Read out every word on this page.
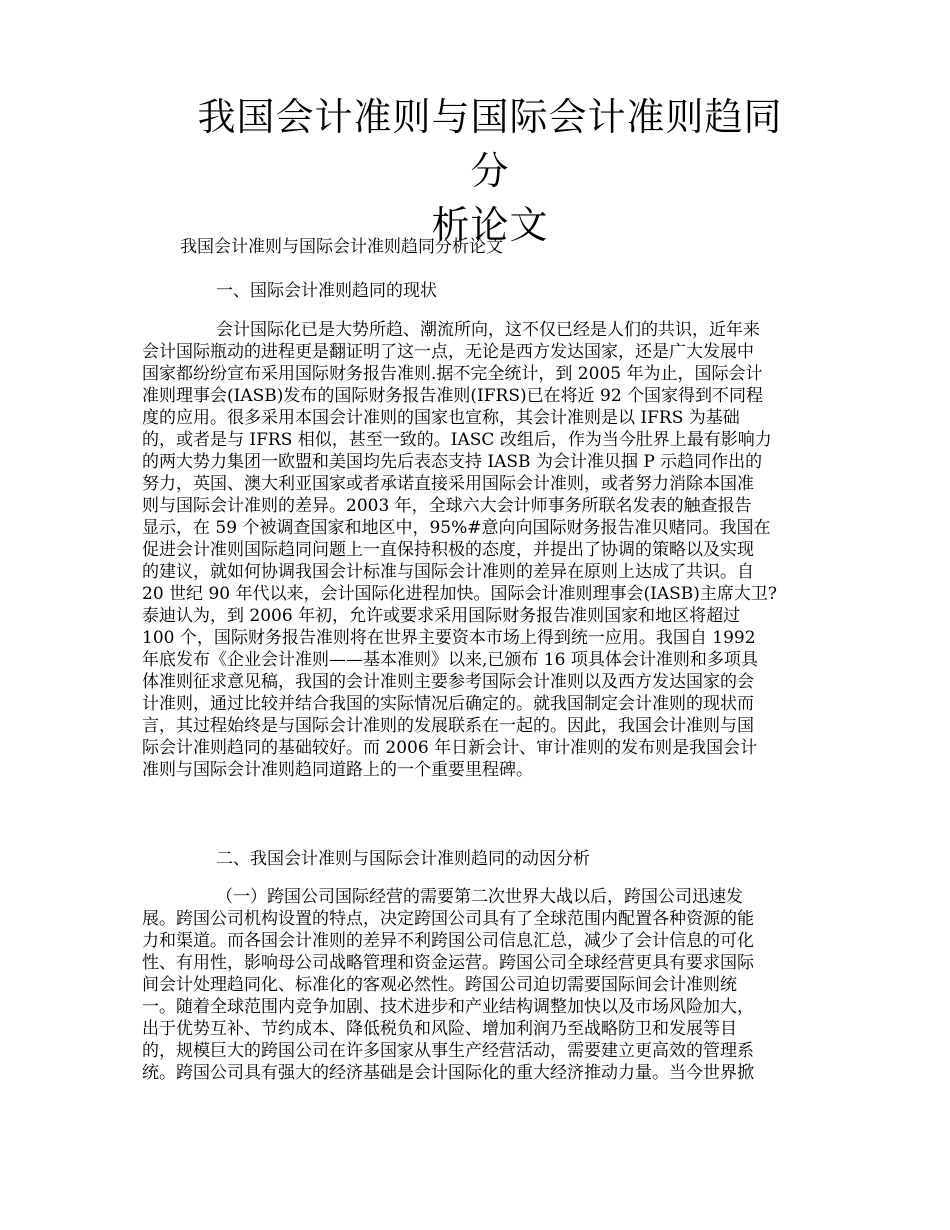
我国会计准则与国际会计准则趋同分
析论文
我国会计准则与国际会计准则趋同分析论文
一、国际会计准则趋同的现状
会计国际化已是大势所趋、潮流所向，这不仅已经是人们的共识，近年来
会计国际瓶动的进程更是翻证明了这一点，无论是西方发达国家，还是广大发展中
国家都纷纷宣布采用国际财务报告准则.据不完全统计，到 2005 年为止，国际会计
准则理事会(IASB)发布的国际财务报告准则(IFRS)已在将近 92 个国家得到不同程
度的应用。很多采用本国会计准则的国家也宣称，其会计准则是以 IFRS 为基础
的，或者是与 IFRS 相似，甚至一致的。IASC 改组后，作为当今肚界上最有影响力
的两大势力集团一欧盟和美国均先后表态支持 IASB 为会计准贝掴 P 示趋同作出的
努力，英国、澳大利亚国家或者承诺直接采用国际会计准则，或者努力消除本国准
则与国际会计准则的差异。2003 年，全球六大会计师事务所联名发表的触查报告
显示，在 59 个被调查国家和地区中，95%#意向向国际财务报告准贝赌同。我国在
促进会计准则国际趋同问题上一直保持积极的态度，并提出了协调的策略以及实现
的建议，就如何协调我国会计标准与国际会计准则的差异在原则上达成了共识。自
20 世纪 90 年代以来，会计国际化进程加快。国际会计准则理事会(IASB)主席大卫?
泰迪认为，到 2006 年初，允许或要求采用国际财务报告准则国家和地区将超过
100 个，国际财务报告准则将在世界主要资本市场上得到统一应用。我国自 1992
年底发布《企业会计准则——基本准则》以来,已颁布 16 项具体会计准则和多项具
体准则征求意见稿，我国的会计准则主要参考国际会计准则以及西方发达国家的会
计准则，通过比较并结合我国的实际情况后确定的。就我国制定会计准则的现状而
言，其过程始终是与国际会计准则的发展联系在一起的。因此，我国会计准则与国
际会计准则趋同的基础较好。而 2006 年日新会计、审计准则的发布则是我国会计
准则与国际会计准则趋同道路上的一个重要里程碑。
二、我国会计准则与国际会计准则趋同的动因分析
（一）跨国公司国际经营的需要第二次世界大战以后，跨国公司迅速发
展。跨国公司机构设置的特点，决定跨国公司具有了全球范围内配置各种资源的能
力和渠道。而各国会计准则的差异不利跨国公司信息汇总，减少了会计信息的可化
性、有用性，影响母公司战略管理和资金运营。跨国公司全球经营更具有要求国际
间会计处理趋同化、标准化的客观必然性。跨国公司迫切需要国际间会计准则统
一。随着全球范围内竞争加剧、技术进步和产业结构调整加快以及市场风险加大，
出于优势互补、节约成本、降低税负和风险、增加利润乃至战略防卫和发展等目
的，规模巨大的跨国公司在许多国家从事生产经营活动，需要建立更高效的管理系
统。跨国公司具有强大的经济基础是会计国际化的重大经济推动力量。当今世界掀
